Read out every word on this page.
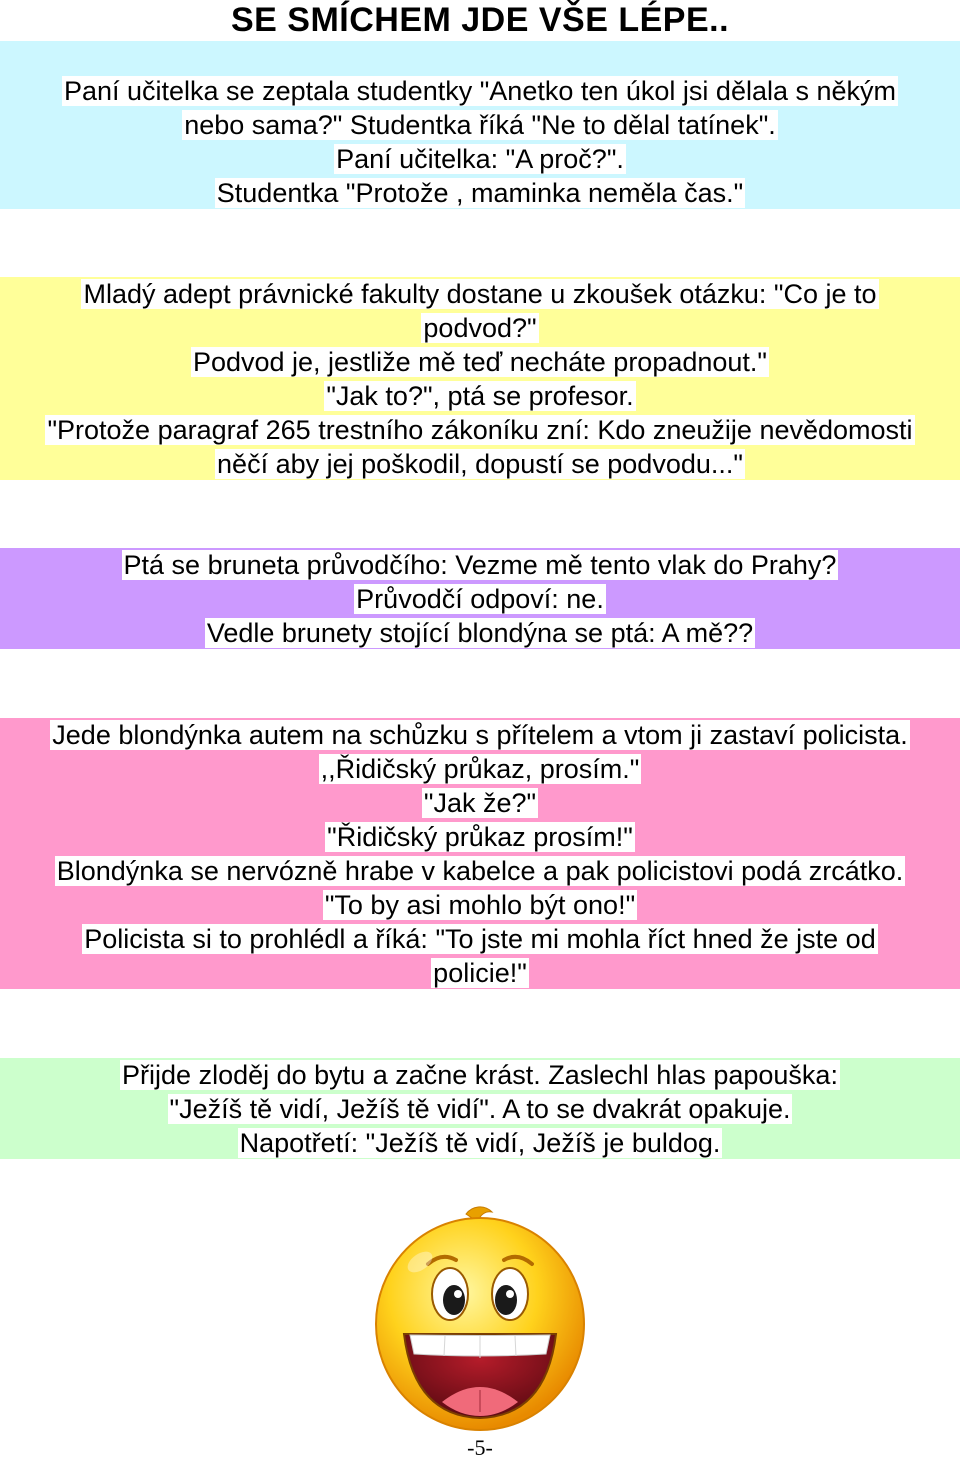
SE SMÍCHEM JDE VŠE LÉPE..
Paní učitelka se zeptala studentky "Anetko ten úkol jsi dělala s někým
nebo sama?" Studentka říká "Ne to dělal tatínek".
Paní učitelka: "A proč?".
Studentka "Protože , maminka neměla čas."
Mladý adept právnické fakulty dostane u zkoušek otázku: "Co je to
podvod?"
Podvod je, jestliže mě teď necháte propadnout."
"Jak to?", ptá se profesor.
"Protože paragraf 265 trestního zákoníku zní: Kdo zneužije nevědomosti
něčí aby jej poškodil, dopustí se podvodu..."
Ptá se bruneta průvodčího: Vezme mě tento vlak do Prahy?
Průvodčí odpoví: ne.
Vedle brunety stojící blondýna se ptá: A mě??
Jede blondýnka autem na schůzku s přítelem a vtom ji zastaví policista.
,,Řidičský průkaz, prosím."
"Jak že?"
"Řidičský průkaz prosím!"
Blondýnka se nervózně hrabe v kabelce a pak policistovi podá zrcátko.
"To by asi mohlo být ono!"
Policista si to prohlédl a říká: "To jste mi mohla říct hned že jste od
policie!"
Přijde zloděj do bytu a začne krást. Zaslechl hlas papouška:
"Ježíš tě vidí, Ježíš tě vidí". A to se dvakrát opakuje.
Napotřetí: "Ježíš tě vidí, Ježíš je buldog.
-5-
